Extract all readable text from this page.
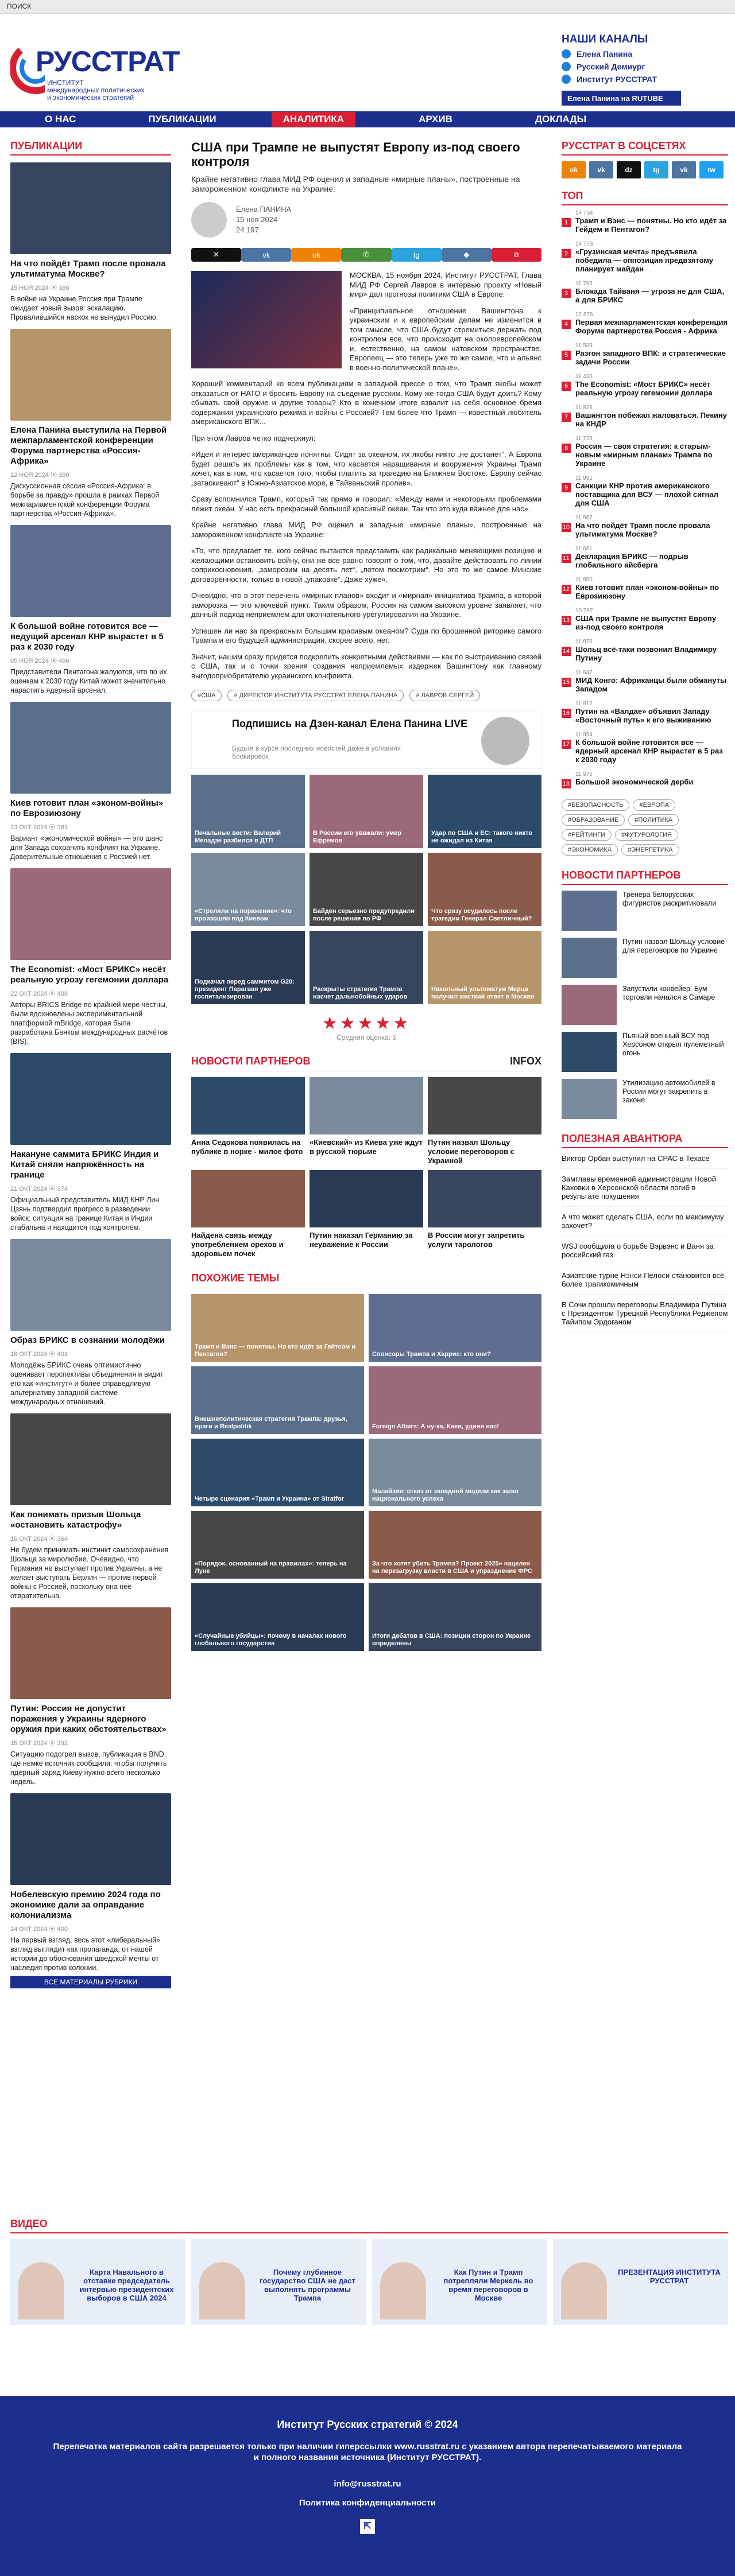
ПОИСК
РУССТРАТ
ИНСТИТУТ
международных политических
и экономических стратегий
НАШИ КАНАЛЫ
Елена Панина
Русский Демиург
Институт РУССТРАТ
Елена Панина на RUTUBE
О НАС	ПУБЛИКАЦИИ	АНАЛИТИКА	АРХИВ	ДОКЛАДЫ
ПУБЛИКАЦИИ
На что пойдёт Трамп после провала ультиматума Москве?
15 НОЯ 2024 ⦿ 386

В войне на Украине Россия при Трампе ожидает новый вызов: эскалацию. Провалившийся наскок не вынудил Россию.

Елена Панина выступила на Первой межпарламентской конференции Форума партнерства «Россия-Африка»
12 НОЯ 2024 ⦿ 390

Дискуссионная сессия «Россия-Африка: в борьбе за правду» прошла в рамках Первой межпарламентской конференции Форума партнерства «Россия-Африка».

К большой войне готовится все — ведущий арсенал КНР вырастет в 5 раз к 2030 году
05 НОЯ 2024 ⦿ 496

Представители Пентагона жалуются, что по их оценкам к 2030 году Китай может значительно нарастить ядерный арсенал.

Киев готовит план «эконом-войны» по Еврозиюзону
23 ОКТ 2024 ⦿ 361

Вариант «экономической войны» — это шанс для Запада сохранить конфликт на Украине. Доверительные отношения с Россией нет.

The Economist: «Мост БРИКС» несёт реальную угрозу гегемонии доллара
22 ОКТ 2024 ⦿ 408

Авторы BRICS Bridge по крайней мере честны, были вдохновлены экспериментальной платформой mBridge, которая была разработана Банком международных расчётов (BIS).

Накануне саммита БРИКС Индия и Китай сняли напряжённость на границе
21 ОКТ 2024 ⦿ 374

Официальный представитель МИД КНР Лин Цзянь подтвердил прогресс в разведении войск: ситуация на границе Китая и Индии стабильна и находится под контролем.

Образ БРИКС в сознании молодёжи
18 ОКТ 2024 ⦿ 401

Молодёжь БРИКС очень оптимистично оценивает перспективы объединения и видит его как «институт» и более справедливую альтернативу западной системе международных отношений.

Как понимать призыв Шольца «остановить катастрофу»
16 ОКТ 2024 ⦿ 364

Не будем принимать инстинкт самосохранения Шольца за миролюбие. Очевидно, что Германия не выступает против Украины, а не желает выступать Берлин — против первой войны с Россией, поскольку она неё отвратительна.

Путин: Россия не допустит поражения у Украины ядерного оружия при каких обстоятельствах»
15 ОКТ 2024 ⦿ 392

Ситуацию подогрел вызов, публикация в BND, где немке источник сообщили: чтобы получить ядерный заряд Киеву нужно всего несколько недель.

Нобелевскую премию 2024 года по экономике дали за оправдание колониализма
14 ОКТ 2024 ⦿ 400

На первый взгляд, весь этот «либеральный» взгляд выглядит как пропаганда, от нашей истории до обоснования шведской мечты от наследия против колонии.

ВСЕ МАТЕРИАЛЫ РУБРИКИ
США при Трампе не выпустят Европу из-под своего контроля
Крайне негативно глава МИД РФ оценил и западные «мирные планы», построенные на замороженном конфликте на Украине:
Елена ПАНИНА
15 ноя 2024
24 197
✕	vk	ok	✆	tg	◆	⧉

МОСКВА, 15 ноября 2024, Институт РУССТРАТ. Глава МИД РФ Сергей Лавров в интервью проекту «Новый мир» дал прогнозы политики США в Европе:

«Принципиальное отношение Вашингтона к украинским и к европейским делам не изменится в том смысле, что США будут стремиться держать под контролем все, что происходит на околоевропейском и, естественно, на самом натовском пространстве. Европеец — это теперь уже то же самое, что и альянс в военно-политической плане».

Хороший комментарий ко всем публикациям в западной прессе о том, что Трамп якобы может отказаться от НАТО и бросить Европу на съедение русским. Кому же тогда США будут доить? Кому сбывать свой оружие и другие товары? Кто в конечном итоге взвалит на себя основное бремя содержания украинского режима и войны с Россией? Тем более что Трамп — известный любитель американского ВПК...

При этом Лавров четко подчеркнул:

«Идея и интерес американцев понятны. Сидят за океаном, их якобы никто „не достанет“. А Европа будет решать их проблемы как в том, что касается наращивания и вооружения Украины Трамп хочет, как в том, что касается того, чтобы платить за трагедию на Ближнем Востоке. Европу сейчас „затаскивают“ в Южно-Азиатское море, в Тайваньский пролив».

Сразу вспомнился Трамп, который так прямо и говорил: «Между нами и некоторыми проблемами лежит океан. У нас есть прекрасный большой красивый океан. Так что это куда важнее для нас».

Крайне негативно глава МИД РФ оценил и западные «мирные планы», построенные на замороженном конфликте на Украине:

«То, что предлагает те, кого сейчас пытаются представить как радикально меняющими позицию и желающими остановить войну, они же все равно говорят о том, что, давайте действовать по линии соприкосновения, „заморозим на десять лет“, „потом посмотрим“. Но это то же самое Минские договорённости, только в новой „упаковке“. Даже хуже».

Очевидно, что в этот перечень «мирных планов» входит и «мирная» инициатива Трампа, в которой заморозка — это ключевой пункт. Таким образом, Россия на самом высоком уровне заявляет, что данный подход неприемлем для окончательного урегулирования на Украине.

Успешен ли нас за прекрасным большим красивым океаном? Суда по брошенной риторике самого Трампа и его будущей администрации, скорее всего, нет.

Значит, нашим сразу придется подкрепить конкретными действиями — как по выстраиванию связей с США, так и с точки зрения создания неприемлемых издержек Вашингтону как главному выгодоприобретателю украинского конфликта.

#США	# ДИРЕКТОР ИНСТИТУТА РУССТРАТ ЕЛЕНА ПАНИНА	# ЛАВРОВ СЕРГЕЙ
Подпишись на Дзен-канал Елена Панина LIVE
Будьте в курсе последних новостей даже в условиях блокировок
Печальные вести: Валерий Меладзе разбился в ДТП
В России его уважали: умер Ефремов
Удар по США и ЕС: такого никто не ожидал из Китая
«Стреляли на поражение»: что произошло под Киевом
Байден серьезно предупредили после решения по РФ
Что сразу осудилось после трагедии Генерал Светличный?
Подкачал перед саммитом G20: президент Парагвая уже госпитализирован
Раскрыты стратегия Трампа насчет дальнобойных ударов
Нахальный ультиматум Мерца получил жесткий ответ в Москве
★★★★★
Средняя оценка: 5
НОВОСТИ ПАРТНЕРОВ	INFOX
Анна Седокова появилась на публике в норке - милое фото
«Киевский» из Киева уже ждут в русской тюрьме
Путин назвал Шольцу условие переговоров с Украиной
Найдена связь между употреблением орехов и здоровьем почек
Путин наказал Германию за неуважение к России
В России могут запретить услуги тарологов
ПОХОЖИЕ ТЕМЫ
Трамп и Вэнс — понятны. Но кто идёт за Гейтсом и Пентагон?	Спонсоры Трампа и Харрис: кто они?
Внешнеполитическая стратегия Трампа: друзья, враги и Realpolitik	Foreign Affairs: А ну-ка, Киев, удиви нас!
Четыре сценария «Трамп и Украина» от Stratfor
Малайзия: отказ от западной модели как залог национального успеха
«Порядок, основанный на правилах»: теперь на Луне
За что хотят убить Трампа? Проект 2025» нацелен на перезагрузку власти в США и упразднение ФРС
«Случайные убийцы»: почему в началах нового глобального государства
Итоги дебатов в США: позиции сторон по Украине определены
РУССТРАТ В СОЦСЕТЯХ
ok	vk	dz	tg	vk	tw
ТОП
1
14 734
Трамп и Вэнс — понятны. Но кто идёт за Гейдем и Пентагон?
2
14 773
«Грузинская мечта» предъявила победила — оппозиция предвзятому планирует майдан
3
11 795
Блокада Тайваня — угроза не для США, а для БРИКС
4
12 876
Первая межпарламентская конференция Форума партнерства Россия - Африка
5
11 589
Разгон западного ВПК: и стратегические задачи России
6
11 436
The Economist: «Мост БРИКС» несёт реальную угрозу гегемонии доллара
7
11 928
Вашингтон побежал жаловаться. Пекину на КНДР
8
11 728
Россия — своя стратегия: к старым-новым «мирным планам» Трампа по Украине
9
11 991
Санкции КНР против американского поставщика для ВСУ — плохой сигнал для США
10
11 967
На что пойдёт Трамп после провала ультиматума Москве?
11
11 681
Декларация БРИКС — подрыв глобального айсберга
12
11 950
Киев готовит план «эконом-войны» по Еврозиюзону
13
10 797
США при Трампе не выпустят Европу из-под своего контроля
14
11 876
Шольц всё-таки позвонил Владимиру Путину
15
11 947
МИД Конго: Африканцы были обмануты Западом
16
11 912
Путин на «Валдае» объявил Западу «Восточный путь» к его выживанию
17
11 954
К большой войне готовится все — ядерный арсенал КНР вырастет в 5 раз к 2030 году
18
11 975
Большой экономической дерби
#БЕЗОПАСНОСТЬ	#ЕВРОПА#ОБРАЗОВАНИЕ	#ПОЛИТИКА#РЕЙТИНГИ	#ФУТУРОЛОГИЯ#ЭКОНОМИКА	#ЭНЕРГЕТИКА
НОВОСТИ ПАРТНЕРОВ
Тренера белорусских фигуристов раскритиковали
Путин назвал Шольцу условие для переговоров по Украине
Запустили конвейер. Бум торговли начался в Самаре
Пьяный военный ВСУ под Херсоном открыл пулеметный огонь
Утилизацию автомобилей в России могут закрепить в законе
ПОЛЕЗНАЯ АВАНТЮРА

Виктор Орбан выступил на СРАС в Техасе

Замглавы временной администрации Новой Каховки в Херсонской области погиб в результате покушения

А что может сделать США, если по максимуму захочет?

WSJ сообщила о борьбе Вэрвэнс и Ваня за российский газ

Азиатские турне Нэнси Пелоси становится всё более трагикомичным

В Сочи прошли переговоры Владимира Путина с Президентом Турецкой Республики Реджепом Тайипом Эрдоганом

ВИДЕО
Карта Навального в отставке председатель интервью президентских выборов в США 2024
Почему глубинное государство США не даст выполнять программы Трампа
Как Путин и Трамп потрепляли Меркель во время переговоров в Москве
ПРЕЗЕНТАЦИЯ ИНСТИТУТА РУССТРАТ
Институт Русских стратегий © 2024
Перепечатка материалов сайта разрешается только при наличии гиперссылки www.russtrat.ru с указанием автора перепечатываемого материала и полного названия источника (Институт РУССТРАТ).
info@russtrat.ru
Политика конфиденциальности
⇱
